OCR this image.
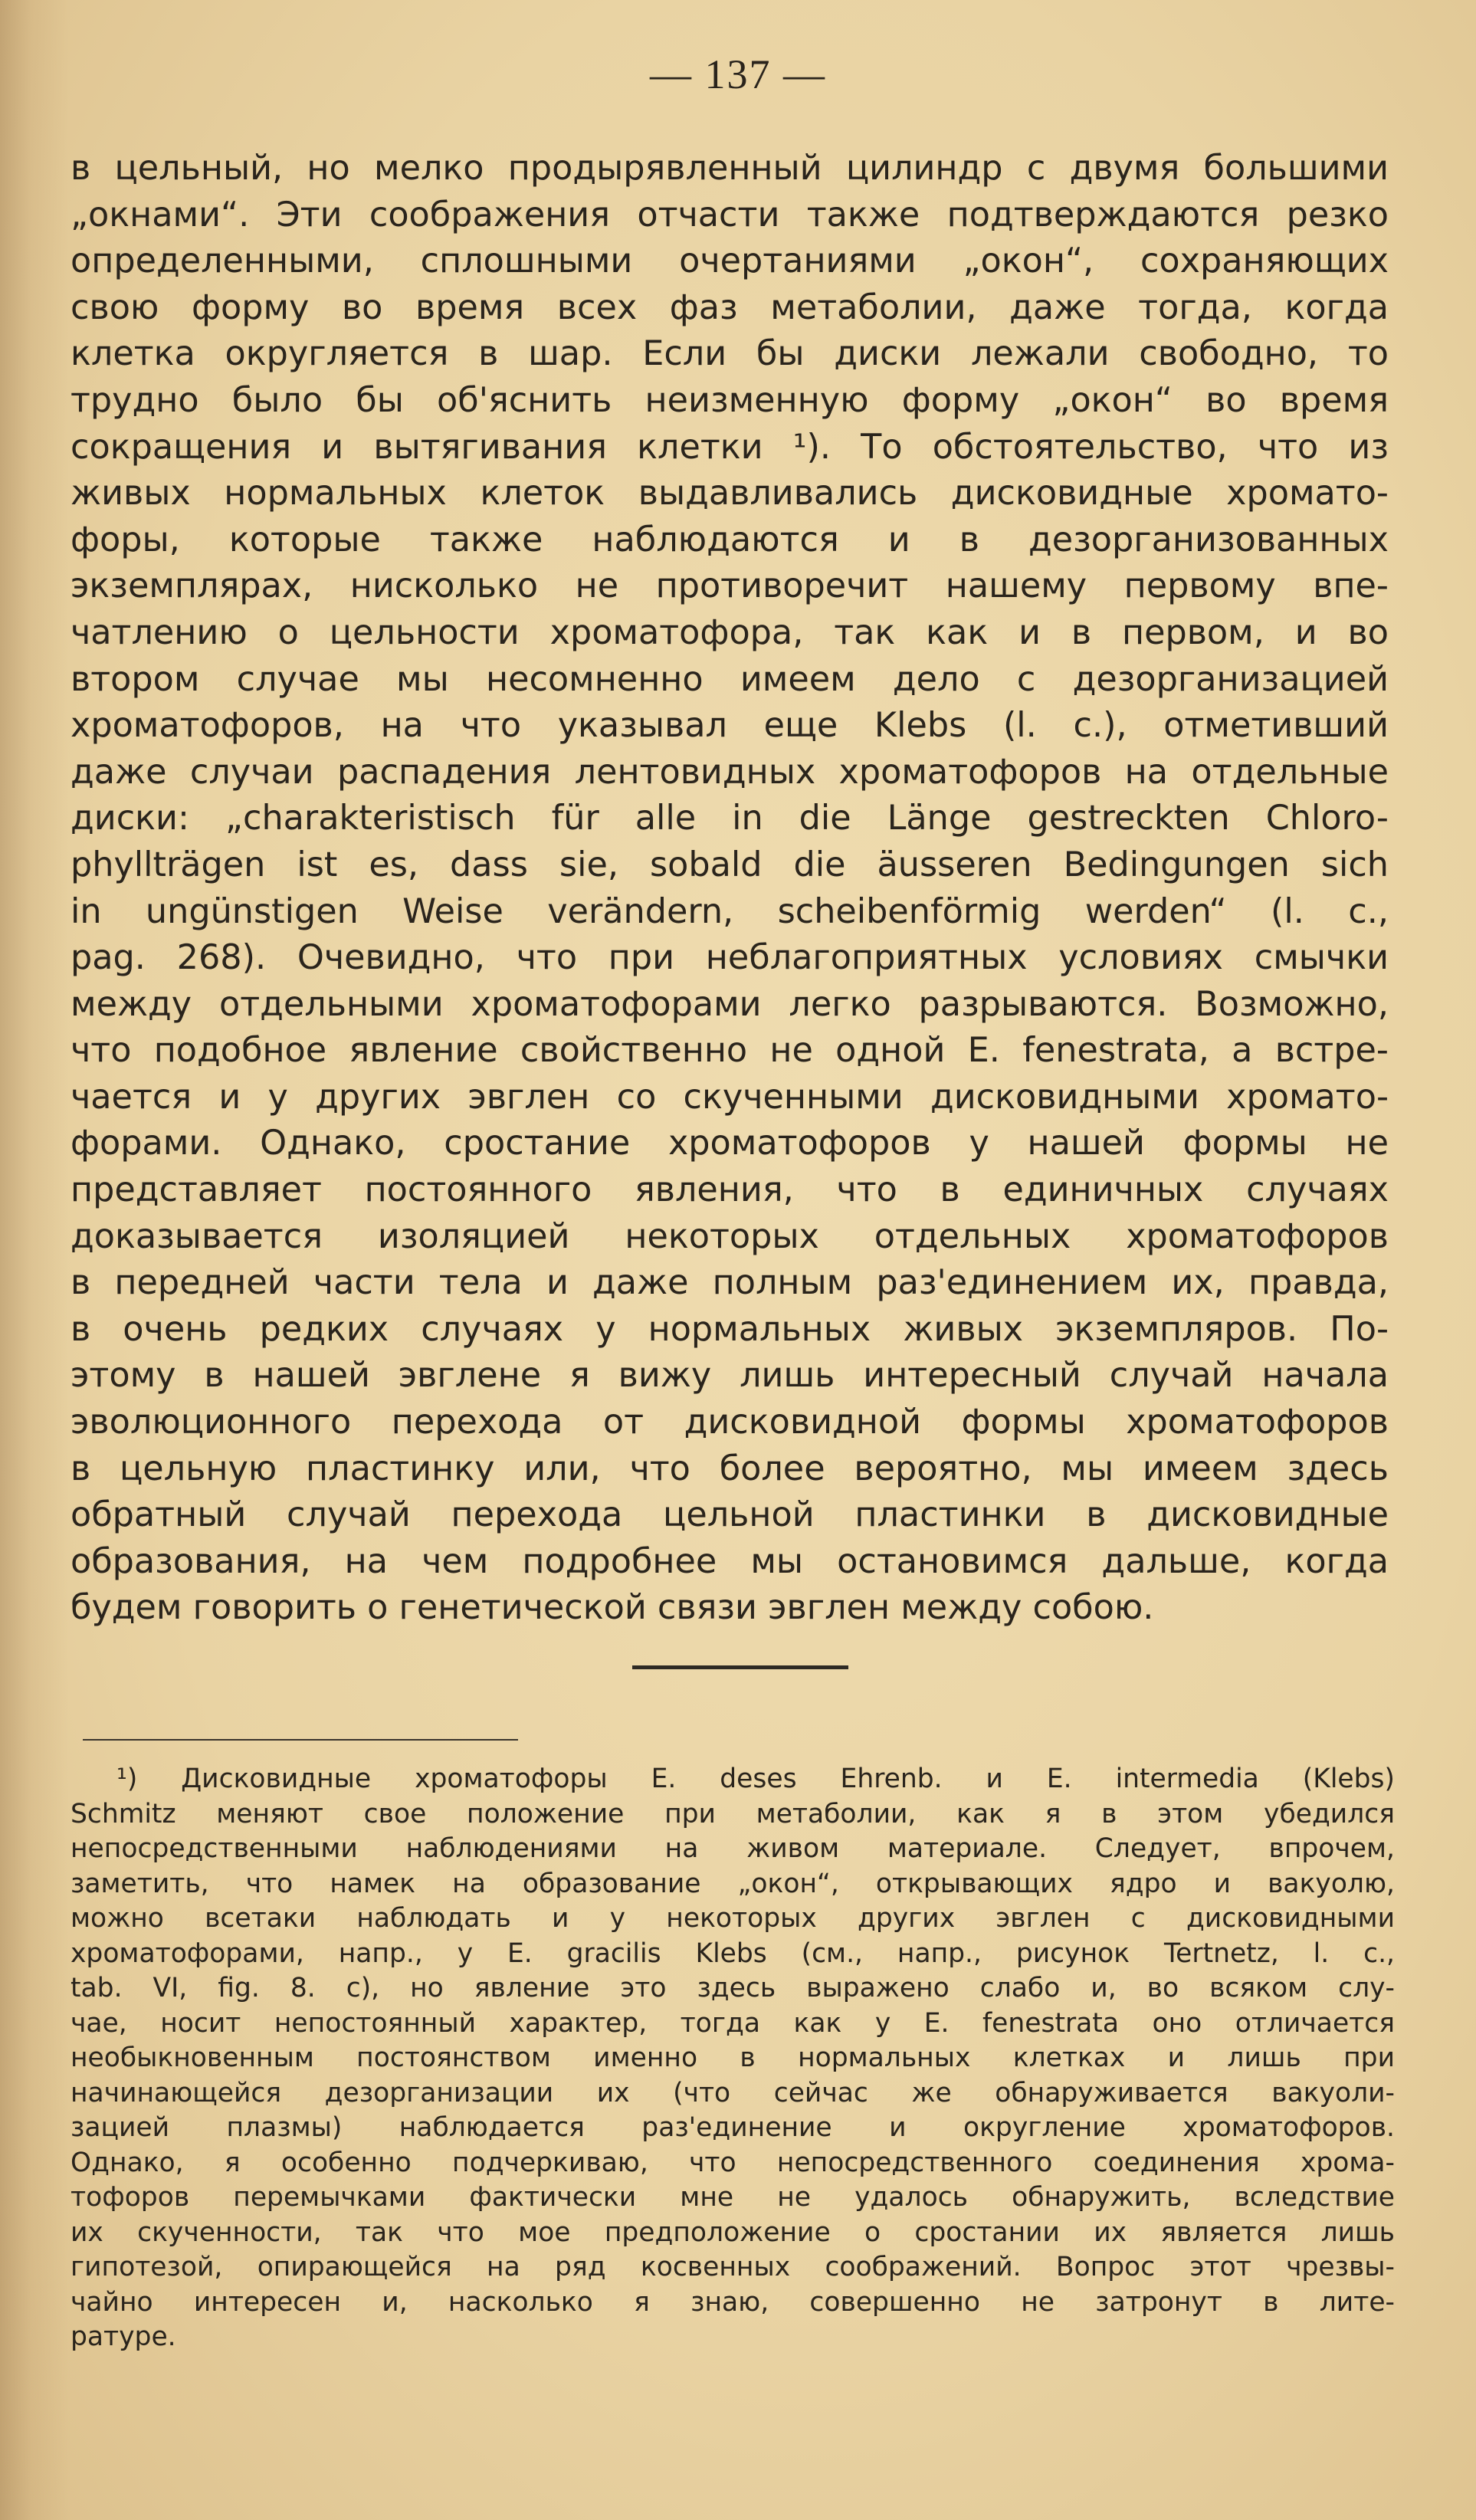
— 137 —
в цельный, но мелко продырявленный цилиндр с двумя большими
„окнами“. Эти соображения отчасти также подтверждаются резко
определенными, сплошными очертаниями „окон“, сохраняющих
свою форму во время всех фаз метаболии, даже тогда, когда
клетка округляется в шар. Если бы диски лежали свободно, то
трудно было бы об'яснить неизменную форму „окон“ во время
сокращения и вытягивания клетки ¹). То обстоятельство, что из
живых нормальных клеток выдавливались дисковидные хромато-
форы, которые также наблюдаются и в дезорганизованных
экземплярах, нисколько не противоречит нашему первому впе-
чатлению о цельности хроматофора, так как и в первом, и во
втором случае мы несомненно имеем дело с дезорганизацией
хроматофоров, на что указывал еще Klebs (l. c.), отметивший
даже случаи распадения лентовидных хроматофоров на отдельные
диски: „charakteristisch für alle in die Länge gestreckten Chloro-
phyllträgen ist es, dass sie, sobald die äusseren Bedingungen sich
in ungünstigen Weise verändern, scheibenförmig werden“ (l. c.,
pag. 268). Очевидно, что при неблагоприятных условиях смычки
между отдельными хроматофорами легко разрываются. Возможно,
что подобное явление свойственно не одной E. fenestrata, а встре-
чается и у других эвглен со скученными дисковидными хромато-
форами. Однако, сростание хроматофоров у нашей формы не
представляет постоянного явления, что в единичных случаях
доказывается изоляцией некоторых отдельных хроматофоров
в передней части тела и даже полным раз'единением их, правда,
в очень редких случаях у нормальных живых экземпляров. По-
этому в нашей эвглене я вижу лишь интересный случай начала
эволюционного перехода от дисковидной формы хроматофоров
в цельную пластинку или, что более вероятно, мы имеем здесь
обратный случай перехода цельной пластинки в дисковидные
образования, на чем подробнее мы остановимся дальше, когда
будем говорить о генетической связи эвглен между собою.
¹) Дисковидные хроматофоры E. deses Ehrenb. и E. intermedia (Klebs)
Schmitz меняют свое положение при метаболии, как я в этом убедился
непосредственными наблюдениями на живом материале. Следует, впрочем,
заметить, что намек на образование „окон“, открывающих ядро и вакуолю,
можно всетаки наблюдать и у некоторых других эвглен с дисковидными
хроматофорами, напр., у E. gracilis Klebs (см., напр., рисунок Tertnetz, l. c.,
tab. VI, fig. 8. c), но явление это здесь выражено слабо и, во всяком слу-
чае, носит непостоянный характер, тогда как у E. fenestrata оно отличается
необыкновенным постоянством именно в нормальных клетках и лишь при
начинающейся дезорганизации их (что сейчас же обнаруживается вакуоли-
зацией плазмы) наблюдается раз'единение и округление хроматофоров.
Однако, я особенно подчеркиваю, что непосредственного соединения хрома-
тофоров перемычками фактически мне не удалось обнаружить, вследствие
их скученности, так что мое предположение о сростании их является лишь
гипотезой, опирающейся на ряд косвенных соображений. Вопрос этот чрезвы-
чайно интересен и, насколько я знаю, совершенно не затронут в лите-
ратуре.
